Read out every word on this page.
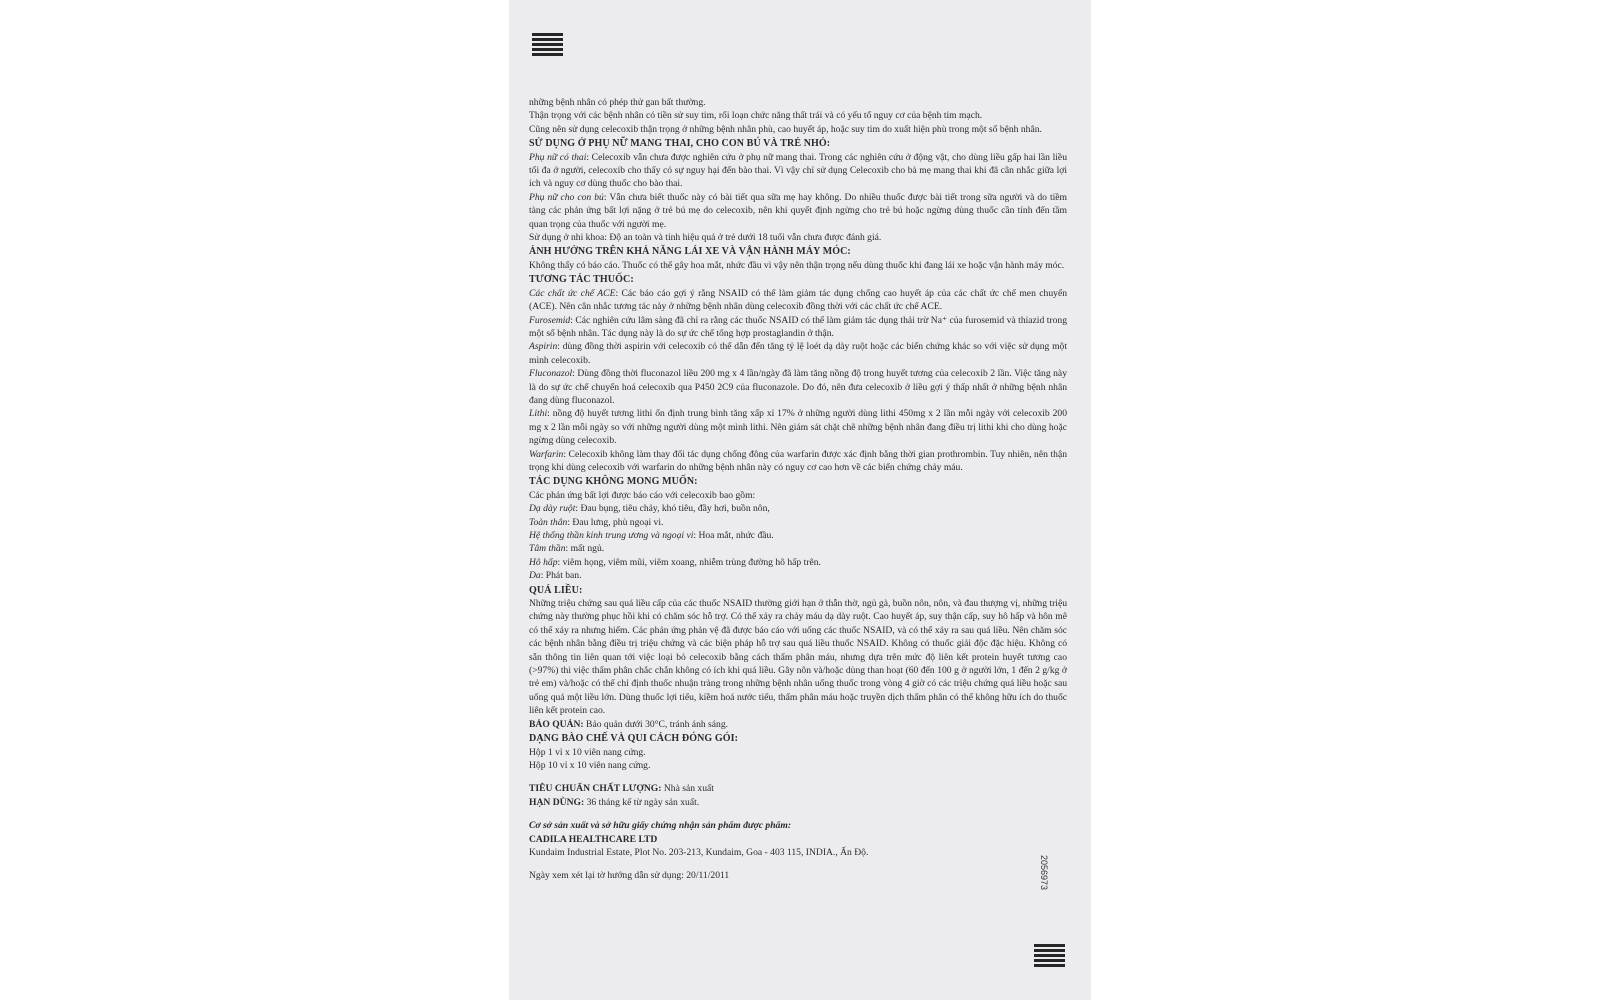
những bệnh nhân có phép thử gan bất thường.

Thận trọng với các bệnh nhân có tiền sử suy tim, rối loạn chức năng thất trái và có yếu tố nguy cơ của bệnh tim mạch.

Cũng nên sử dụng celecoxib thận trọng ở những bệnh nhân phù, cao huyết áp, hoặc suy tim do xuất hiện phù trong một số bệnh nhân.

SỬ DỤNG Ở PHỤ NỮ MANG THAI, CHO CON BÚ VÀ TRẺ NHỎ:

Phụ nữ có thai: Celecoxib vẫn chưa được nghiên cứu ở phụ nữ mang thai. Trong các nghiên cứu ở động vật, cho dùng liều gấp hai lần liều tối đa ở người, celecoxib cho thấy có sự nguy hại đến bào thai. Vì vậy chỉ sử dụng Celecoxib cho bà mẹ mang thai khi đã cân nhắc giữa lợi ích và nguy cơ dùng thuốc cho bào thai.

Phụ nữ cho con bú: Vẫn chưa biết thuốc này có bài tiết qua sữa mẹ hay không. Do nhiều thuốc được bài tiết trong sữa người và do tiềm tàng các phản ứng bất lợi nặng ở trẻ bú mẹ do celecoxib, nên khi quyết định ngừng cho trẻ bú hoặc ngừng dùng thuốc cần tính đến tầm quan trọng của thuốc với người mẹ.

Sử dụng ở nhi khoa: Độ an toàn và tính hiệu quả ở trẻ dưới 18 tuổi vẫn chưa được đánh giá.

ẢNH HƯỞNG TRÊN KHẢ NĂNG LÁI XE VÀ VẬN HÀNH MÁY MÓC:

Không thấy có báo cáo. Thuốc có thể gây hoa mắt, nhức đầu vì vậy nên thận trọng nếu dùng thuốc khi đang lái xe hoặc vận hành máy móc.

TƯƠNG TÁC THUỐC:

Các chất ức chế ACE: Các báo cáo gợi ý rằng NSAID có thể làm giảm tác dụng chống cao huyết áp của các chất ức chế men chuyển (ACE). Nên cân nhắc tương tác này ở những bệnh nhân dùng celecoxib đồng thời với các chất ức chế ACE.

Furosemid: Các nghiên cứu lâm sàng đã chỉ ra rằng các thuốc NSAID có thể làm giảm tác dụng thải trừ Na⁺ của furosemid và thiazid trong một số bệnh nhân. Tác dụng này là do sự ức chế tổng hợp prostaglandin ở thận.

Aspirin: dùng đồng thời aspirin với celecoxib có thể dẫn đến tăng tỷ lệ loét dạ dày ruột hoặc các biến chứng khác so với việc sử dụng một mình celecoxib.

Fluconazol: Dùng đồng thời fluconazol liều 200 mg x 4 lần/ngày đã làm tăng nồng độ trong huyết tương của celecoxib 2 lần. Việc tăng này là do sự ức chế chuyển hoá celecoxib qua P450 2C9 của fluconazole. Do đó, nên đưa celecoxib ở liều gợi ý thấp nhất ở những bệnh nhân đang dùng fluconazol.

Lithi: nồng độ huyết tương lithi ổn định trung bình tăng xấp xỉ 17% ở những người dùng lithi 450mg x 2 lần mỗi ngày với celecoxib 200 mg x 2 lần mỗi ngày so với những người dùng một mình lithi. Nên giám sát chặt chẽ những bệnh nhân đang điều trị lithi khi cho dùng hoặc ngừng dùng celecoxib.

Warfarin: Celecoxib không làm thay đổi tác dụng chống đông của warfarin được xác định bằng thời gian prothrombin. Tuy nhiên, nên thận trọng khi dùng celecoxib với warfarin do những bệnh nhân này có nguy cơ cao hơn về các biến chứng chảy máu.

TÁC DỤNG KHÔNG MONG MUỐN:

Các phản ứng bất lợi được báo cáo với celecoxib bao gồm:

Dạ dày ruột: Đau bụng, tiêu chảy, khó tiêu, đầy hơi, buồn nôn,

Toàn thân: Đau lưng, phù ngoại vi.

Hệ thống thần kinh trung ương và ngoại vi: Hoa mắt, nhức đầu.

Tâm thần: mất ngủ.

Hô hấp: viêm họng, viêm mũi, viêm xoang, nhiễm trùng đường hô hấp trên.

Da: Phát ban.

QUÁ LIỀU:

Những triệu chứng sau quá liều cấp của các thuốc NSAID thường giới hạn ở thẫn thờ, ngủ gà, buồn nôn, nôn, và đau thượng vị, những triệu chứng này thường phục hồi khi có chăm sóc hỗ trợ. Có thể xảy ra chảy máu dạ dày ruột. Cao huyết áp, suy thận cấp, suy hô hấp và hôn mê có thể xảy ra nhưng hiếm. Các phản ứng phản vệ đã được báo cáo với uống các thuốc NSAID, và có thể xảy ra sau quá liều. Nên chăm sóc các bệnh nhân bằng điều trị triệu chứng và các biện pháp hỗ trợ sau quá liều thuốc NSAID. Không có thuốc giải độc đặc hiệu. Không có sẵn thông tin liên quan tới việc loại bỏ celecoxib bằng cách thẩm phân máu, nhưng dựa trên mức độ liên kết protein huyết tương cao (>97%) thì việc thẩm phân chắc chắn không có ích khi quá liều. Gây nôn và/hoặc dùng than hoạt (60 đến 100 g ở người lớn, 1 đến 2 g/kg ở trẻ em) và/hoặc có thể chỉ định thuốc nhuận tràng trong những bệnh nhân uống thuốc trong vòng 4 giờ có các triệu chứng quá liều hoặc sau uống quá một liều lớn. Dùng thuốc lợi tiểu, kiềm hoá nước tiểu, thẩm phân máu hoặc truyền dịch thẩm phân có thể không hữu ích do thuốc liên kết protein cao.

BẢO QUẢN: Bảo quản dưới 30°C, tránh ánh sáng.

DẠNG BÀO CHẾ VÀ QUI CÁCH ĐÓNG GÓI:

Hộp 1 vỉ x 10 viên nang cứng.

Hộp 10 vỉ x 10 viên nang cứng.

TIÊU CHUẨN CHẤT LƯỢNG: Nhà sản xuất

HẠN DÙNG: 36 tháng kể từ ngày sản xuất.

Cơ sở sản xuất và sở hữu giấy chứng nhận sản phẩm được phẩm:

CADILA HEALTHCARE LTD

Kundaim Industrial Estate, Plot No. 203-213, Kundaim, Goa - 403 115, INDIA., Ấn Độ.

Ngày xem xét lại tờ hướng dẫn sử dụng: 20/11/2011	2056973
